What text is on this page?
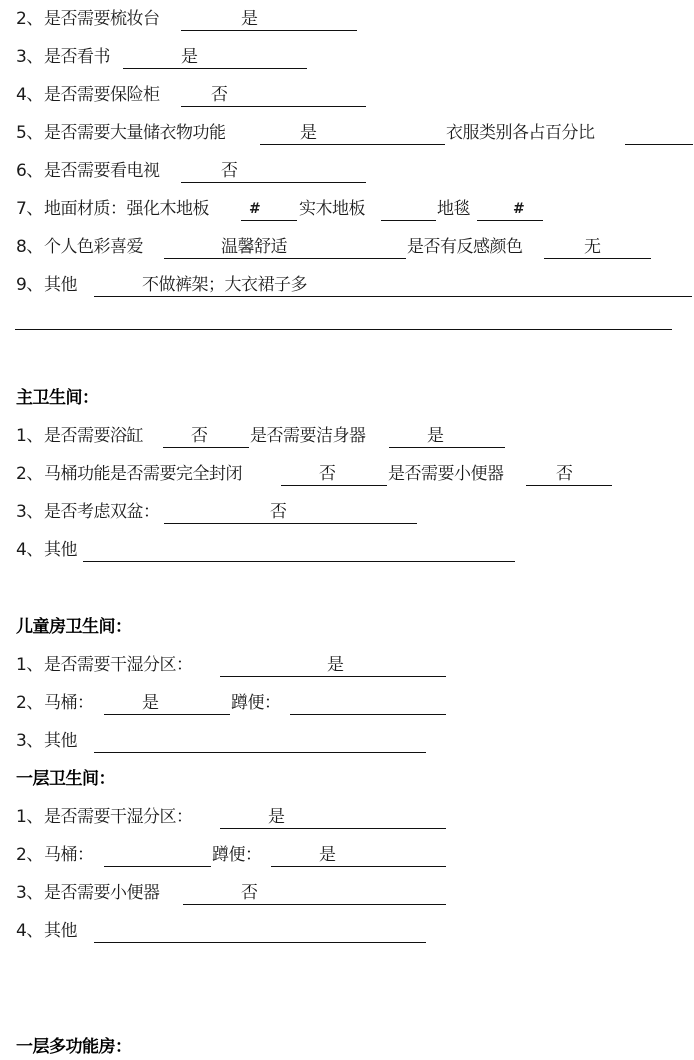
2、 是否需要梳妆台	是
3、 是否看书	是
4、 是否需要保险柜	否
5、 是否需要大量储衣物功能	是	衣服类别各占百分比
6、 是否需要看电视	否
7、 地面材质：强化木地板	# 实木地板	地毯	#
8、 个人色彩喜爱	温馨舒适	是否有反感颜色	无
9、 其他	不做裤架；大衣裙子多
主卫生间：
1、 是否需要浴缸	否	是否需要洁身器	是
2、 马桶功能是否需要完全封闭	否	是否需要小便器	否
3、 是否考虑双盆：	否
4、 其他
儿童房卫生间：
1、 是否需要干湿分区：	是
2、 马桶：	是	蹲便：
3、 其他
一层卫生间：
1、 是否需要干湿分区：	是
2、 马桶：	蹲便：	是
3、 是否需要小便器	否
4、 其他
一层多功能房：
